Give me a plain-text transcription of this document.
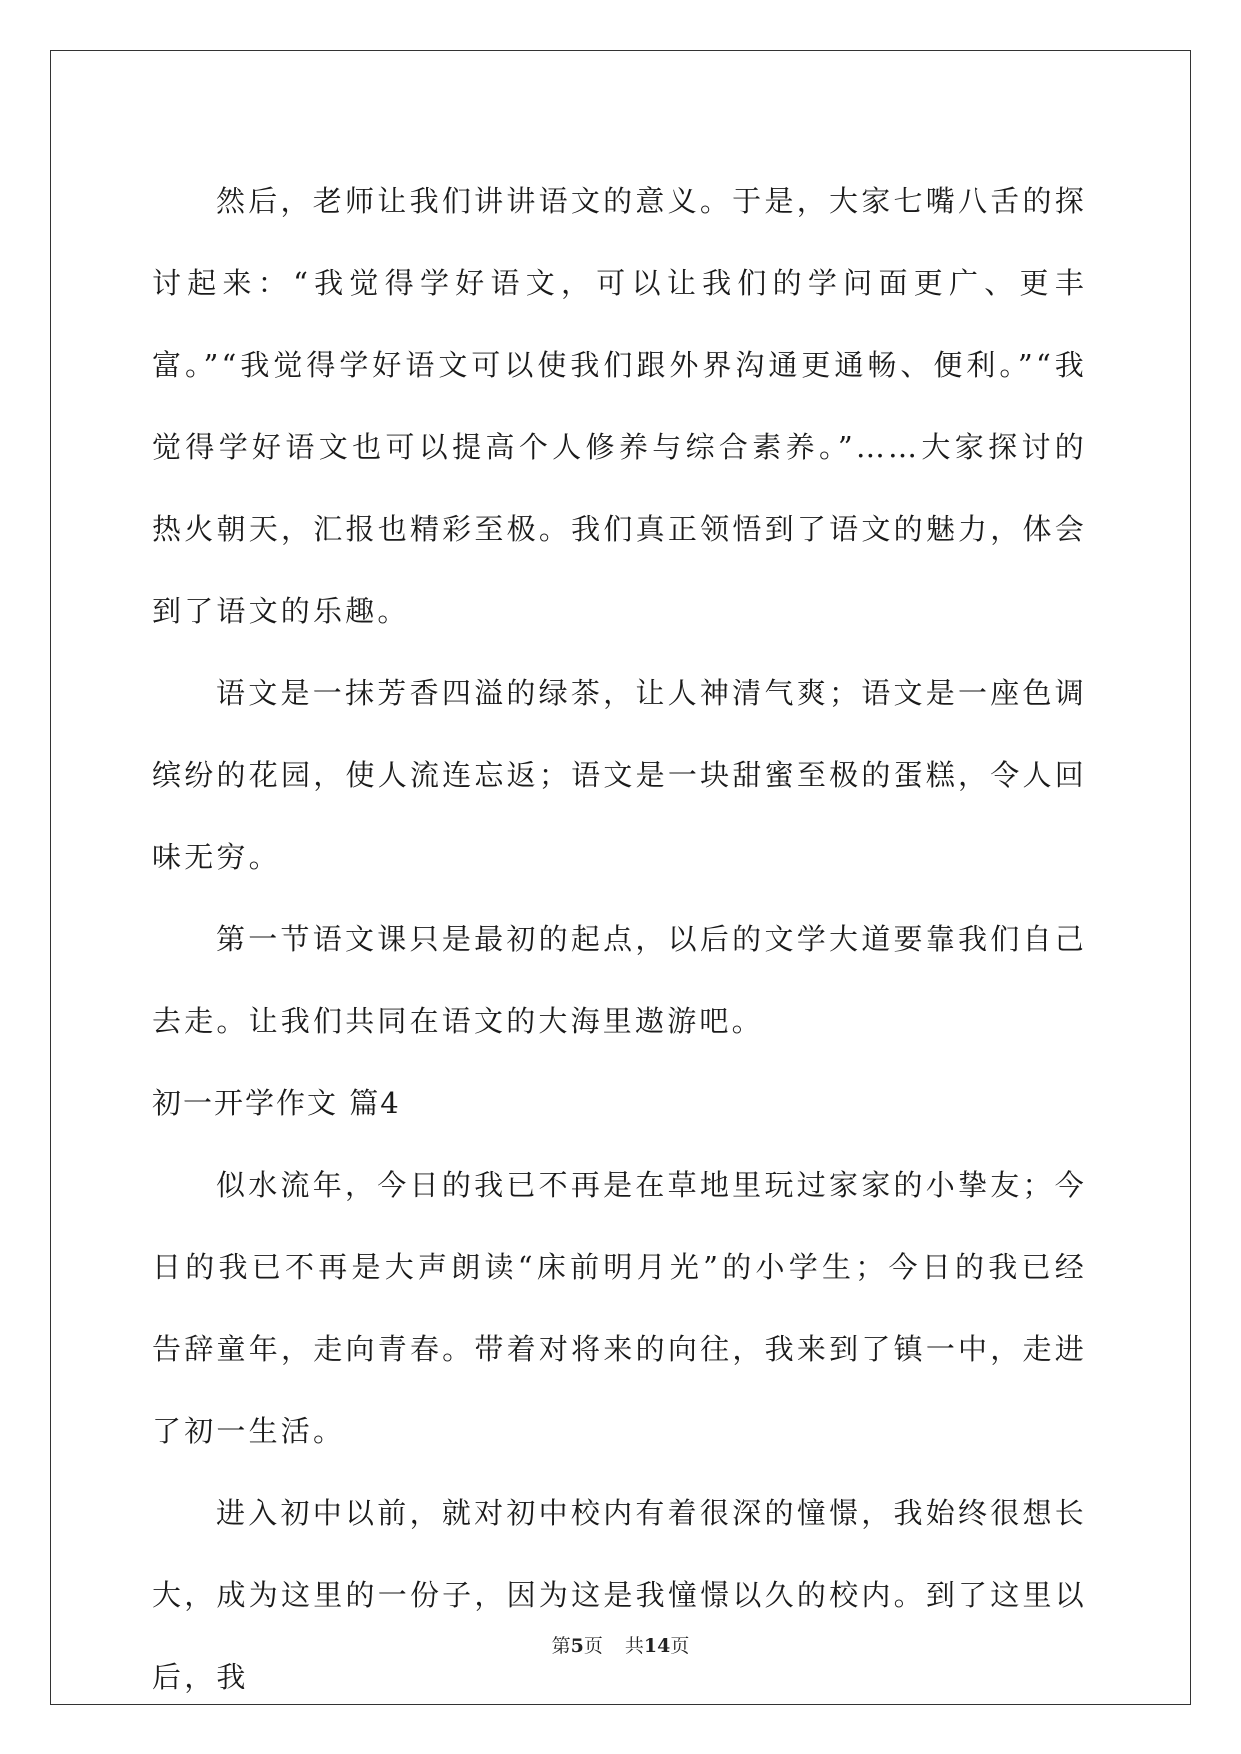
然后，老师让我们讲讲语文的意义。于是，大家七嘴八舌的探讨起来：“我觉得学好语文，可以让我们的学问面更广、更丰富。”“我觉得学好语文可以使我们跟外界沟通更通畅、便利。”“我觉得学好语文也可以提高个人修养与综合素养。”……大家探讨的热火朝天，汇报也精彩至极。我们真正领悟到了语文的魅力，体会到了语文的乐趣。

语文是一抹芳香四溢的绿茶，让人神清气爽；语文是一座色调缤纷的花园，使人流连忘返；语文是一块甜蜜至极的蛋糕，令人回味无穷。

第一节语文课只是最初的起点，以后的文学大道要靠我们自己去走。让我们共同在语文的大海里遨游吧。

初一开学作文 篇4

似水流年，今日的我已不再是在草地里玩过家家的小挚友；今日的我已不再是大声朗读“床前明月光”的小学生；今日的我已经告辞童年，走向青春。带着对将来的向往，我来到了镇一中，走进了初一生活。

进入初中以前，就对初中校内有着很深的憧憬，我始终很想长大，成为这里的一份子，因为这是我憧憬以久的校内。到了这里以后，我

第5页 共14页
